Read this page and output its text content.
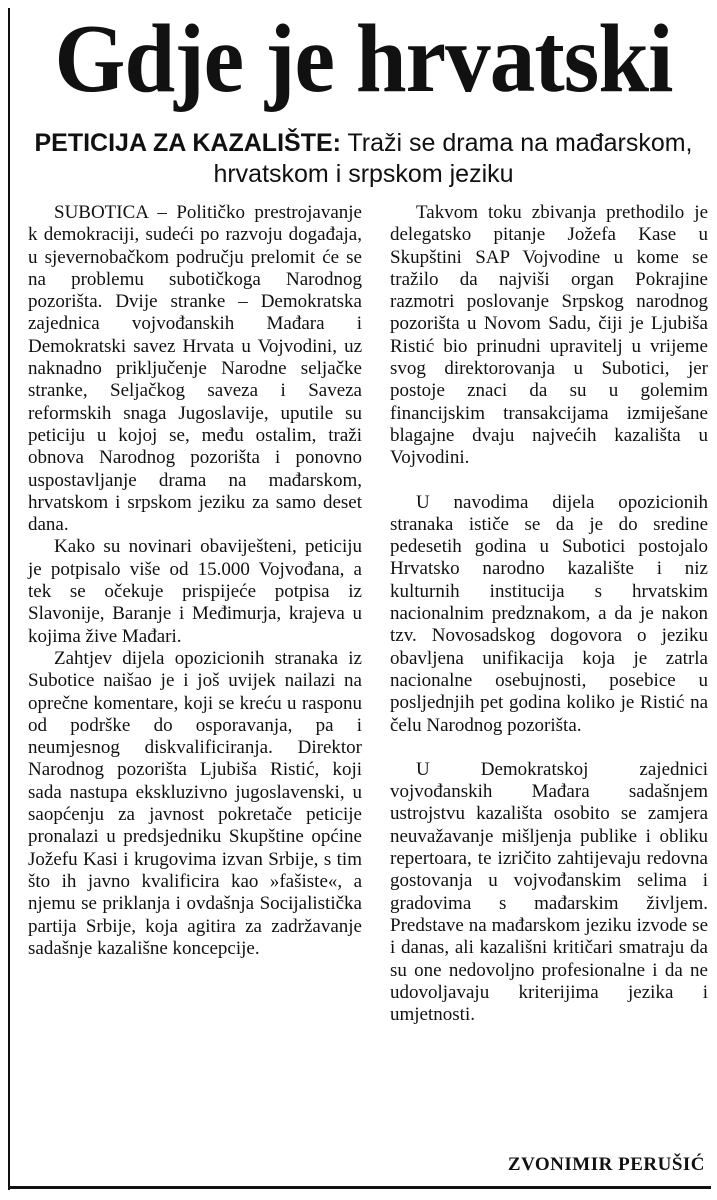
Gdje je hrvatski
PETICIJA ZA KAZALIŠTE: Traži se drama na mađarskom, hrvatskom i srpskom jeziku

SUBOTICA – Političko prestrojavanje k demokraciji, sudeći po razvoju događaja, u sjevernobačkom području prelomit će se na problemu subotičkoga Narodnog pozorišta. Dvije stranke – Demokratska zajednica vojvođanskih Mađara i Demokratski savez Hrvata u Vojvodini, uz naknadno priključenje Narodne seljačke stranke, Seljačkog saveza i Saveza reformskih snaga Jugoslavije, uputile su peticiju u kojoj se, među ostalim, traži obnova Narodnog pozorišta i ponovno uspostavljanje drama na mađarskom, hrvatskom i srpskom jeziku za samo deset dana.

Kako su novinari obaviješteni, peticiju je potpisalo više od 15.000 Vojvođana, a tek se očekuje prispijeće potpisa iz Slavonije, Baranje i Međimurja, krajeva u kojima žive Mađari.

Zahtjev dijela opozicionih stranaka iz Subotice naišao je i još uvijek nailazi na oprečne komentare, koji se kreću u rasponu od podrške do osporavanja, pa i neumjesnog diskvalificiranja. Direktor Narodnog pozorišta Ljubiša Ristić, koji sada nastupa ekskluzivno jugoslavenski, u saopćenju za javnost pokretače peticije pronalazi u predsjedniku Skupštine općine Jožefu Kasi i krugovima izvan Srbije, s tim što ih javno kvalificira kao »fašiste«, a njemu se priklanja i ovdašnja Socijalistička partija Srbije, koja agitira za zadržavanje sadašnje kazališne koncepcije.

Takvom toku zbivanja prethodilo je delegatsko pitanje Jožefa Kase u Skupštini SAP Vojvodine u kome se tražilo da najviši organ Pokrajine razmotri poslovanje Srpskog narodnog pozorišta u Novom Sadu, čiji je Ljubiša Ristić bio prinudni upravitelj u vrijeme svog direktorovanja u Subotici, jer postoje znaci da su u golemim financijskim transakcijama izmiješane blagajne dvaju najvećih kazališta u Vojvodini.

U navodima dijela opozicionih stranaka ističe se da je do sredine pedesetih godina u Subotici postojalo Hrvatsko narodno kazalište i niz kulturnih institucija s hrvatskim nacionalnim predznakom, a da je nakon tzv. Novosadskog dogovora o jeziku obavljena unifikacija koja je zatrla nacionalne osebujnosti, posebice u posljednjih pet godina koliko je Ristić na čelu Narodnog pozorišta.

U Demokratskoj zajednici vojvođanskih Mađara sadašnjem ustrojstvu kazališta osobito se zamjera neuvažavanje mišljenja publike i obliku repertoara, te izričito zahtijevaju redovna gostovanja u vojvođanskim selima i gradovima s mađarskim življem. Predstave na mađarskom jeziku izvode se i danas, ali kazališni kritičari smatraju da su one nedovoljno profesionalne i da ne udovoljavaju kriterijima jezika i umjetnosti.

ZVONIMIR PERUŠIĆ
